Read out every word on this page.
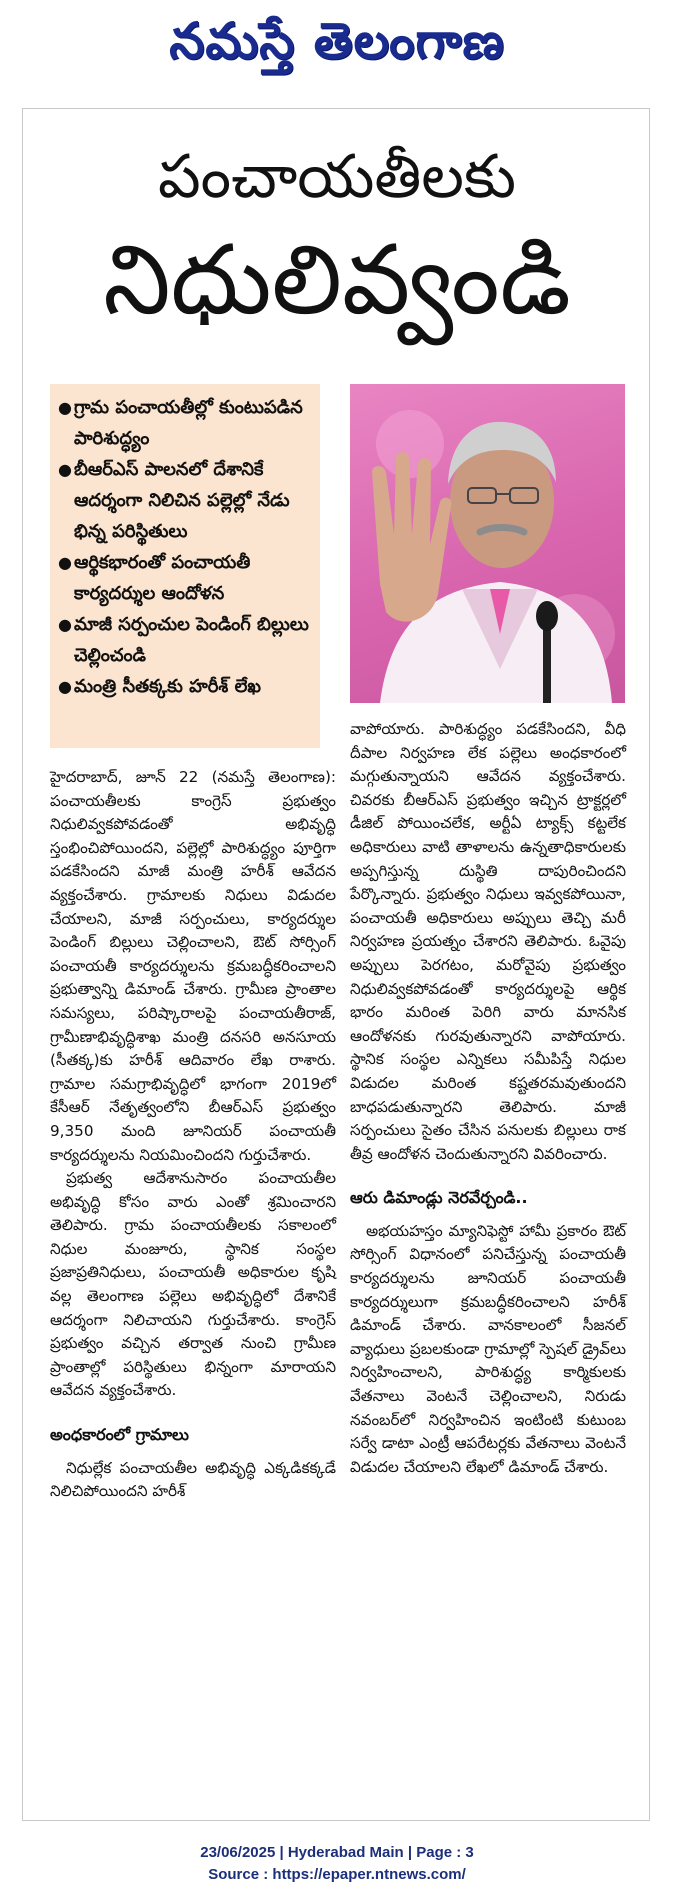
నమస్తే తెలంగాణ
పంచాయతీలకు
నిధులివ్వండి
● గ్రామ పంచాయతీల్లో కుంటుపడిన పారిశుద్ధ్యం
● బీఆర్ఎస్ పాలనలో దేశానికే ఆదర్శంగా నిలిచిన పల్లెల్లో నేడు భిన్న పరిస్థితులు
● ఆర్థికభారంతో పంచాయతీ కార్యదర్శుల ఆందోళన
● మాజీ సర్పంచుల పెండింగ్ బిల్లులు చెల్లించండి
● మంత్రి సీతక్కకు హరీశ్ లేఖ

హైదరాబాద్, జూన్ 22 (నమస్తే తెలంగాణ): పంచాయతీలకు కాంగ్రెస్ ప్రభుత్వం నిధులివ్వకపోవడంతో అభివృద్ధి స్తంభించిపోయిందని, పల్లెల్లో పారిశుద్ధ్యం పూర్తిగా పడకేసిందని మాజీ మంత్రి హరీశ్ ఆవేదన వ్యక్తంచేశారు. గ్రామాలకు నిధులు విడుదల చేయాలని, మాజీ సర్పంచులు, కార్యదర్శుల పెండింగ్ బిల్లులు చెల్లించాలని, ఔట్ సోర్సింగ్ పంచాయతీ కార్యదర్శులను క్రమబద్ధీకరించాలని ప్రభుత్వాన్ని డిమాండ్ చేశారు. గ్రామీణ ప్రాంతాల సమస్యలు, పరిష్కారాలపై పంచాయతీరాజ్, గ్రామీణాభివృద్ధిశాఖ మంత్రి దనసరి అనసూయ (సీతక్క)కు హరీశ్ ఆదివారం లేఖ రాశారు. గ్రామాల సమగ్రాభివృద్ధిలో భాగంగా 2019లో కేసీఆర్ నేతృత్వంలోని బీఆర్ఎస్ ప్రభుత్వం 9,350 మంది జూనియర్ పంచాయతీ కార్యదర్శులను నియమించిందని గుర్తుచేశారు.

ప్రభుత్వ ఆదేశానుసారం పంచాయతీల అభివృద్ధి కోసం వారు ఎంతో శ్రమించారని తెలిపారు. గ్రామ పంచాయతీలకు సకాలంలో నిధుల మంజూరు, స్థానిక సంస్థల ప్రజాప్రతినిధులు, పంచాయతీ అధికారుల కృషి వల్ల తెలంగాణ పల్లెలు అభివృద్ధిలో దేశానికే ఆదర్శంగా నిలిచాయని గుర్తుచేశారు. కాంగ్రెస్ ప్రభుత్వం వచ్చిన తర్వాత నుంచి గ్రామీణ ప్రాంతాల్లో పరిస్థితులు భిన్నంగా మారాయని ఆవేదన వ్యక్తంచేశారు.

అంధకారంలో గ్రామాలు

నిధుల్లేక పంచాయతీల అభివృద్ధి ఎక్కడికక్కడే నిలిచిపోయిందని హరీశ్

వాపోయారు. పారిశుద్ధ్యం పడకేసిందని, వీధి దీపాల నిర్వహణ లేక పల్లెలు అంధకారంలో మగ్గుతున్నాయని ఆవేదన వ్యక్తంచేశారు. చివరకు బీఆర్ఎస్ ప్రభుత్వం ఇచ్చిన ట్రాక్టర్లలో డీజిల్ పోయించలేక, అర్టీఏ ట్యాక్స్ కట్టలేక అధికారులు వాటి తాళాలను ఉన్నతాధికారులకు అప్పగిస్తున్న దుస్థితి దాపురించిందని పేర్కొన్నారు. ప్రభుత్వం నిధులు ఇవ్వకపోయినా, పంచాయతీ అధికారులు అప్పులు తెచ్చి మరీ నిర్వహణ ప్రయత్నం చేశారని తెలిపారు. ఓవైపు అప్పులు పెరగటం, మరోవైపు ప్రభుత్వం నిధులివ్వకపోవడంతో కార్యదర్శులపై ఆర్థిక భారం మరింత పెరిగి వారు మానసిక ఆందోళనకు గురవుతున్నారని వాపోయారు. స్థానిక సంస్థల ఎన్నికలు సమీపిస్తే నిధుల విడుదల మరింత కష్టతరమవుతుందని బాధపడుతున్నారని తెలిపారు. మాజీ సర్పంచులు సైతం చేసిన పనులకు బిల్లులు రాక తీవ్ర ఆందోళన చెందుతున్నారని వివరించారు.

ఆరు డిమాండ్లు నెరవేర్చండి..

అభయహస్తం మ్యానిఫెస్టో హామీ ప్రకారం ఔట్ సోర్సింగ్ విధానంలో పనిచేస్తున్న పంచాయతీ కార్యదర్శులను జూనియర్ పంచాయతీ కార్యదర్శులుగా క్రమబద్ధీకరించాలని హరీశ్ డిమాండ్ చేశారు. వానకాలంలో సీజనల్ వ్యాధులు ప్రబలకుండా గ్రామాల్లో స్పెషల్ డ్రైవ్‌లు నిర్వహించాలని, పారిశుద్ధ్య కార్మికులకు వేతనాలు వెంటనే చెల్లించాలని, నిరుడు నవంబర్‌లో నిర్వహించిన ఇంటింటి కుటుంబ సర్వే డాటా ఎంట్రీ ఆపరేటర్లకు వేతనాలు వెంటనే విడుదల చేయాలని లేఖలో డిమాండ్ చేశారు.

23/06/2025 | Hyderabad Main | Page : 3
Source : https://epaper.ntnews.com/
